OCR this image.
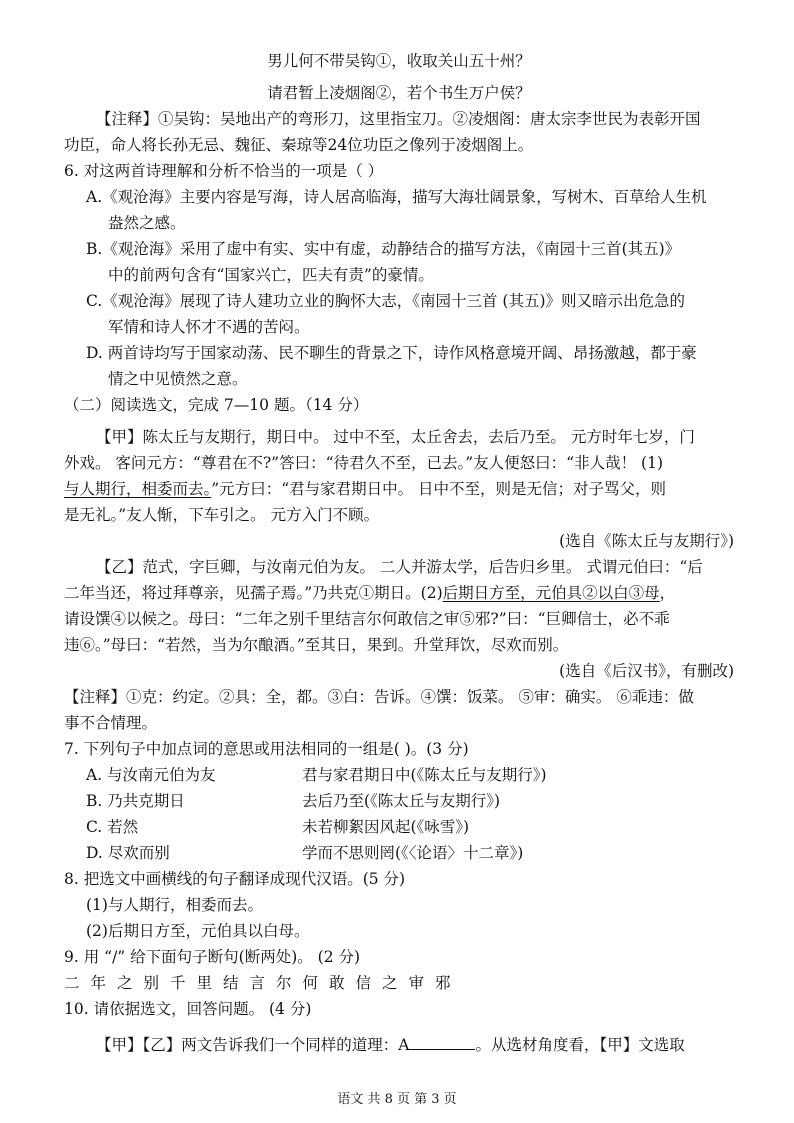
男儿何不带吴钩①，收取关山五十州？
请君暂上凌烟阁②，若个书生万户侯？
【注释】①吴钩：吴地出产的弯形刀，这里指宝刀。②凌烟阁：唐太宗李世民为表彰开国
功臣，命人将长孙无忌、魏征、秦琼等24位功臣之像列于凌烟阁上。
6. 对这两首诗理解和分析不恰当的一项是（ ）
A.《观沧海》主要内容是写海，诗人居高临海，描写大海壮阔景象，写树木、百草给人生机
盎然之感。
B.《观沧海》采用了虚中有实、实中有虚，动静结合的描写方法，《南园十三首(其五)》
中的前两句含有“国家兴亡，匹夫有责”的豪情。
C.《观沧海》展现了诗人建功立业的胸怀大志，《南园十三首 (其五)》则又暗示出危急的
军情和诗人怀才不遇的苦闷。
D. 两首诗均写于国家动荡、民不聊生的背景之下，诗作风格意境开阔、昂扬激越，都于豪
情之中见愤然之意。
（二）阅读选文，完成 7—10 题。（14 分）
【甲】陈太丘与友期行，期日中。 过中不至，太丘舍去，去后乃至。 元方时年七岁，门
外戏。 客问元方：“尊君在不?”答曰：“待君久不至，已去。”友人便怒曰：“非人哉！ (1)
与人期行，相委而去。”元方曰：“君与家君期日中。 日中不至，则是无信；对子骂父，则
是无礼。”友人惭，下车引之。 元方入门不顾。
(选自《陈太丘与友期行》)
【乙】范式，字巨卿，与汝南元伯为友。 二人并游太学，后告归乡里。 式谓元伯曰：“后
二年当还，将过拜尊亲，见孺子焉。”乃共克①期日。(2)后期日方至，元伯具②以白③母，
请设馔④以候之。母曰：“二年之别千里结言尔何敢信之审⑤邪?”曰：“巨卿信士，必不乖
违⑥。”母曰：“若然，当为尔酿酒。”至其日，果到。升堂拜饮，尽欢而别。
(选自《后汉书》，有删改)
【注释】①克：约定。②具：全，都。③白：告诉。④馔：饭菜。 ⑤审：确实。 ⑥乖违：做
事不合情理。
7. 下列句子中加点词的意思或用法相同的一组是( )。(3 分)
A. 与汝南元伯为友	君与家君期日中(《陈太丘与友期行》)
B. 乃共克期日	去后乃至(《陈太丘与友期行》)
C. 若然	未若柳絮因风起(《咏雪》)
D. 尽欢而别	学而不思则罔(《〈论语〉十二章》)
8. 把选文中画横线的句子翻译成现代汉语。(5 分)
(1)与人期行，相委而去。
(2)后期日方至，元伯具以白母。
9. 用 “/” 给下面句子断句(断两处)。 (2 分)
二年之别千里结言尔何敢信之审邪
10. 请依据选文，回答问题。 (4 分)
【甲】【乙】两文告诉我们一个同样的道理：A	。从选材角度看，【甲】文选取
语文 共 8 页 第 3 页
